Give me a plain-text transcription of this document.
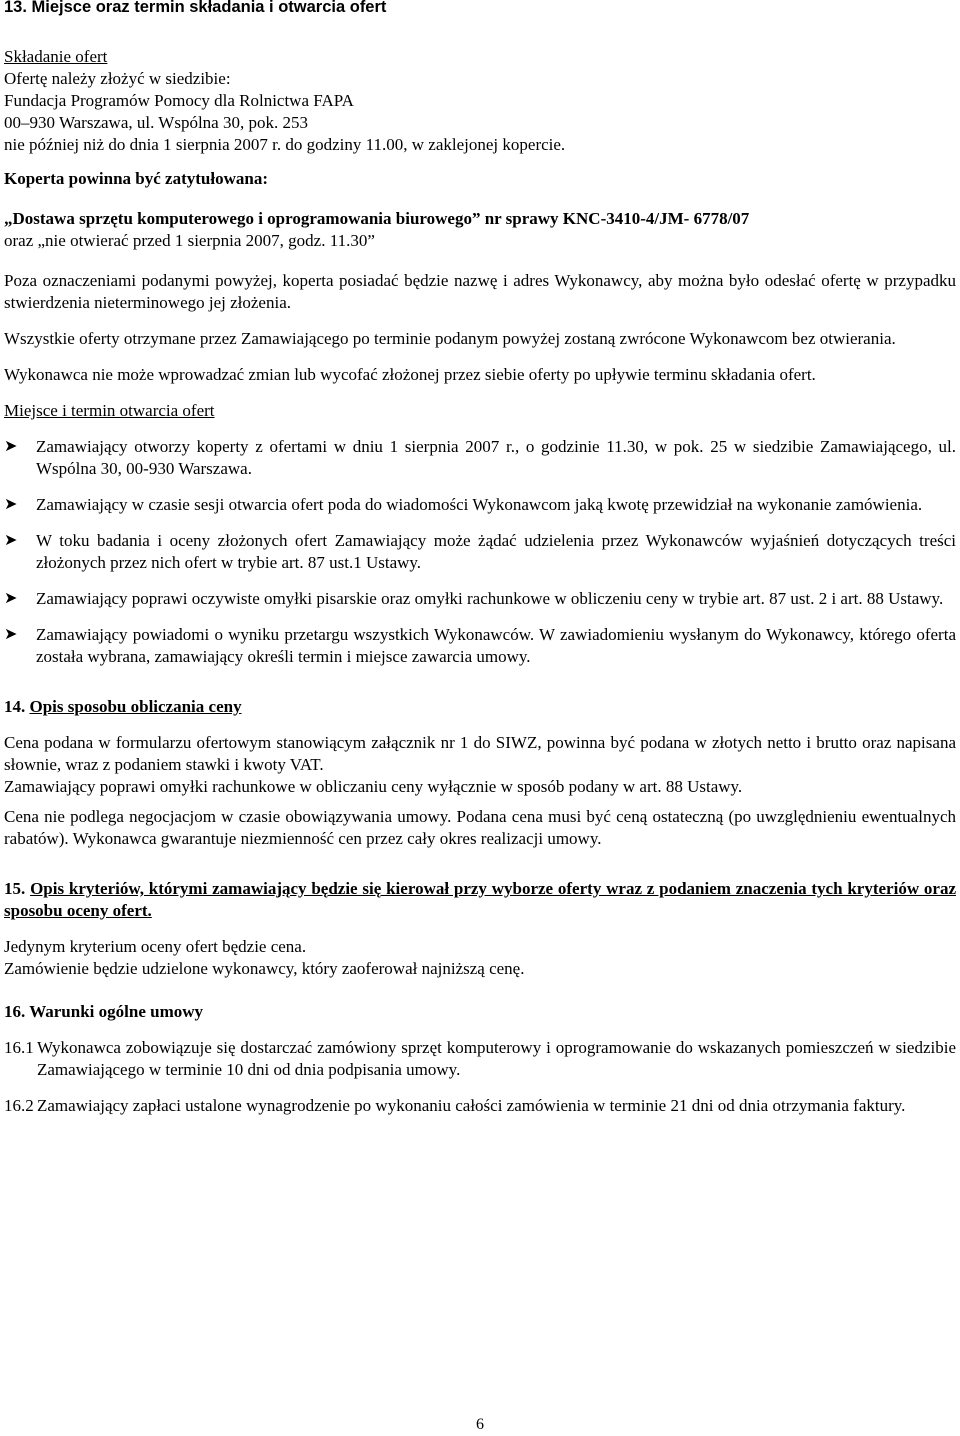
13. Miejsce oraz termin składania i otwarcia ofert

Składanie ofert

Ofertę należy złożyć w siedzibie:

Fundacja Programów Pomocy dla Rolnictwa FAPA

00–930 Warszawa, ul. Wspólna 30, pok. 253

nie później niż do dnia 1 sierpnia 2007 r. do godziny 11.00, w zaklejonej kopercie.

Koperta powinna być zatytułowana:

„Dostawa sprzętu komputerowego i oprogramowania biurowego” nr sprawy KNC-3410-4/JM- 6778/07

oraz „nie otwierać przed 1 sierpnia 2007, godz. 11.30”

Poza oznaczeniami podanymi powyżej, koperta posiadać będzie nazwę i adres Wykonawcy, aby można było odesłać ofertę w przypadku stwierdzenia nieterminowego jej złożenia.

Wszystkie oferty otrzymane przez Zamawiającego po terminie podanym powyżej zostaną zwrócone Wykonawcom bez otwierania.

Wykonawca nie może wprowadzać zmian lub wycofać złożonej przez siebie oferty po upływie terminu składania ofert.

Miejsce i termin otwarcia ofert

➤ Zamawiający otworzy koperty z ofertami w dniu 1 sierpnia 2007 r., o godzinie 11.30, w pok. 25 w siedzibie Zamawiającego, ul. Wspólna 30, 00-930 Warszawa.
➤ Zamawiający w czasie sesji otwarcia ofert poda do wiadomości Wykonawcom jaką kwotę przewidział na wykonanie zamówienia.
➤ W toku badania i oceny złożonych ofert Zamawiający może żądać udzielenia przez Wykonawców wyjaśnień dotyczących treści złożonych przez nich ofert w trybie art. 87 ust.1 Ustawy.
➤ Zamawiający poprawi oczywiste omyłki pisarskie oraz omyłki rachunkowe w obliczeniu ceny w trybie art. 87 ust. 2 i art. 88 Ustawy.
➤ Zamawiający powiadomi o wyniku przetargu wszystkich Wykonawców. W zawiadomieniu wysłanym do Wykonawcy, którego oferta została wybrana, zamawiający określi termin i miejsce zawarcia umowy.

14. Opis sposobu obliczania ceny

Cena podana w formularzu ofertowym stanowiącym załącznik nr 1 do SIWZ, powinna być podana w złotych netto i brutto oraz napisana słownie, wraz z podaniem stawki i kwoty VAT.

Zamawiający poprawi omyłki rachunkowe w obliczaniu ceny wyłącznie w sposób podany w art. 88 Ustawy.

Cena nie podlega negocjacjom w czasie obowiązywania umowy. Podana cena musi być ceną ostateczną (po uwzględnieniu ewentualnych rabatów). Wykonawca gwarantuje niezmienność cen przez cały okres realizacji umowy.

15. Opis kryteriów, którymi zamawiający będzie się kierował przy wyborze oferty wraz z podaniem znaczenia tych kryteriów oraz sposobu oceny ofert.

Jedynym kryterium oceny ofert będzie cena.

Zamówienie będzie udzielone wykonawcy, który zaoferował najniższą cenę.

16. Warunki ogólne umowy

16.1 Wykonawca zobowiązuje się dostarczać zamówiony sprzęt komputerowy i oprogramowanie do wskazanych pomieszczeń w siedzibie Zamawiającego w terminie 10 dni od dnia podpisania umowy.
16.2 Zamawiający zapłaci ustalone wynagrodzenie po wykonaniu całości zamówienia w terminie 21 dni od dnia otrzymania faktury.
6
